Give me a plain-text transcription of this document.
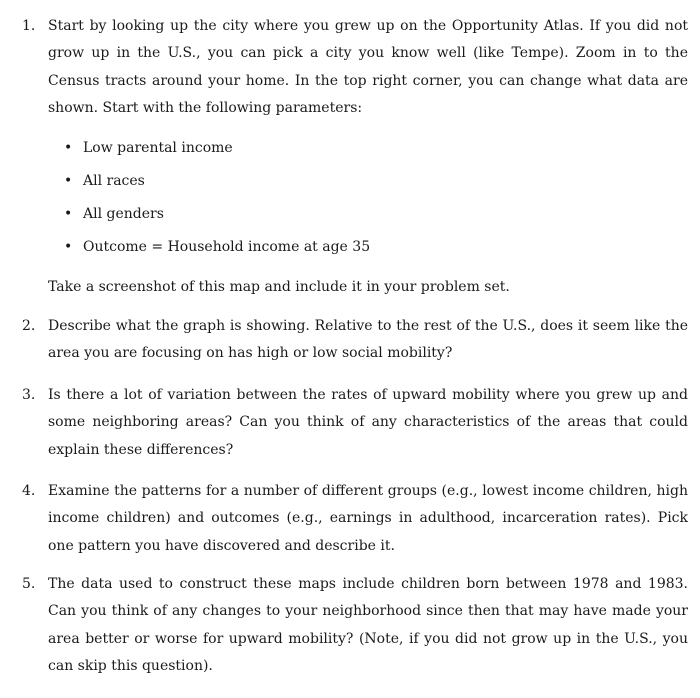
1. Start by looking up the city where you grew up on the Opportunity Atlas. If you did not grow up in the U.S., you can pick a city you know well (like Tempe). Zoom in to the Census tracts around your home. In the top right corner, you can change what data are shown. Start with the following parameters:
• Low parental income
• All races
• All genders
• Outcome = Household income at age 35
Take a screenshot of this map and include it in your problem set.
2. Describe what the graph is showing. Relative to the rest of the U.S., does it seem like the area you are focusing on has high or low social mobility?
3. Is there a lot of variation between the rates of upward mobility where you grew up and some neighboring areas? Can you think of any characteristics of the areas that could explain these differences?
4. Examine the patterns for a number of different groups (e.g., lowest income children, high income children) and outcomes (e.g., earnings in adulthood, incarceration rates). Pick one pattern you have discovered and describe it.
5. The data used to construct these maps include children born between 1978 and 1983. Can you think of any changes to your neighborhood since then that may have made your area better or worse for upward mobility? (Note, if you did not grow up in the U.S., you can skip this question).
